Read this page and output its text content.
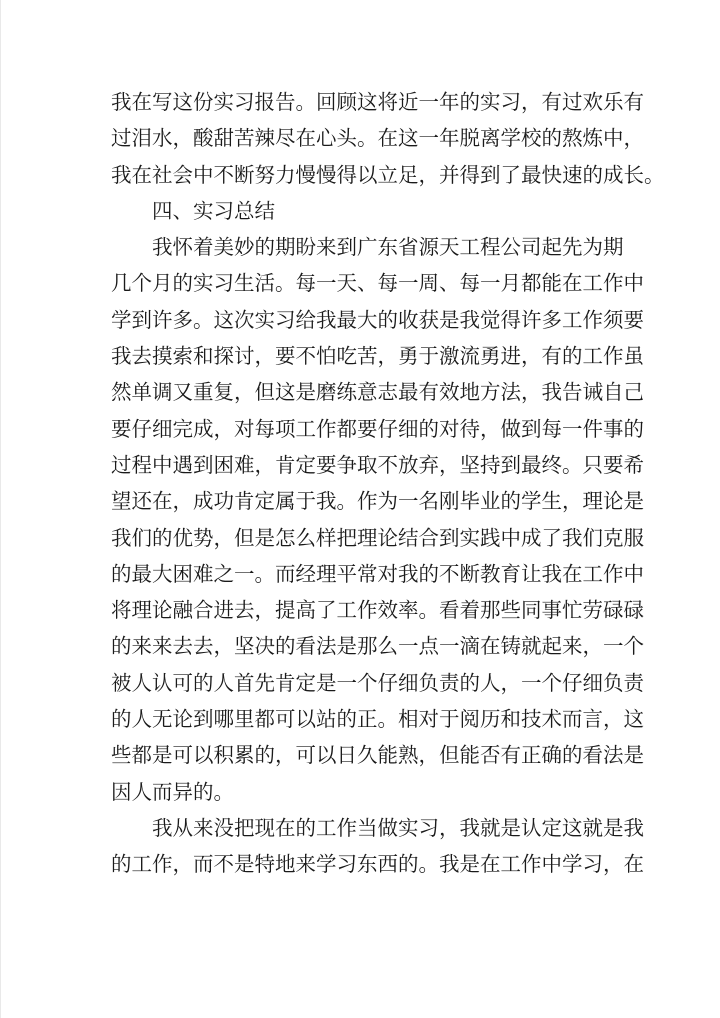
我在写这份实习报告。回顾这将近一年的实习，有过欢乐有
过泪水，酸甜苦辣尽在心头。在这一年脱离学校的熬炼中，
我在社会中不断努力慢慢得以立足，并得到了最快速的成长。
四、实习总结
我怀着美妙的期盼来到广东省源天工程公司起先为期
几个月的实习生活。每一天、每一周、每一月都能在工作中
学到许多。这次实习给我最大的收获是我觉得许多工作须要
我去摸索和探讨，要不怕吃苦，勇于激流勇进，有的工作虽
然单调又重复，但这是磨练意志最有效地方法，我告诫自己
要仔细完成，对每项工作都要仔细的对待，做到每一件事的
过程中遇到困难，肯定要争取不放弃，坚持到最终。只要希
望还在，成功肯定属于我。作为一名刚毕业的学生，理论是
我们的优势，但是怎么样把理论结合到实践中成了我们克服
的最大困难之一。而经理平常对我的不断教育让我在工作中
将理论融合进去，提高了工作效率。看着那些同事忙劳碌碌
的来来去去，坚决的看法是那么一点一滴在铸就起来，一个
被人认可的人首先肯定是一个仔细负责的人，一个仔细负责
的人无论到哪里都可以站的正。相对于阅历和技术而言，这
些都是可以积累的，可以日久能熟，但能否有正确的看法是
因人而异的。
我从来没把现在的工作当做实习，我就是认定这就是我
的工作，而不是特地来学习东西的。我是在工作中学习，在
